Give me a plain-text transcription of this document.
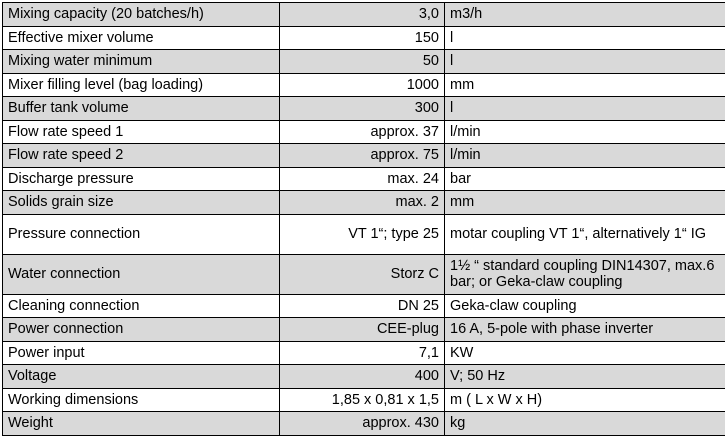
Mixing capacity (20 batches/h)	3,0	m3/h
Effective mixer volume	150	l
Mixing water minimum	50	l
Mixer filling level (bag loading)	1000	mm
Buffer tank volume	300	l
Flow rate speed 1	approx. 37	l/min
Flow rate speed 2	approx. 75	l/min
Discharge pressure	max. 24	bar
Solids grain size	max. 2	mm
Pressure connection	VT 1“; type 25	motar coupling VT 1“, alternatively 1“ IG
Water connection	Storz C	1½ “ standard coupling DIN14307, max.6 bar; or Geka-claw coupling
Cleaning connection	DN 25	Geka-claw coupling
Power connection	CEE-plug	16 A, 5-pole with phase inverter
Power input	7,1	KW
Voltage	400	V; 50 Hz
Working dimensions	1,85 x 0,81 x 1,5	m ( L x W x H)
Weight	approx. 430	kg
